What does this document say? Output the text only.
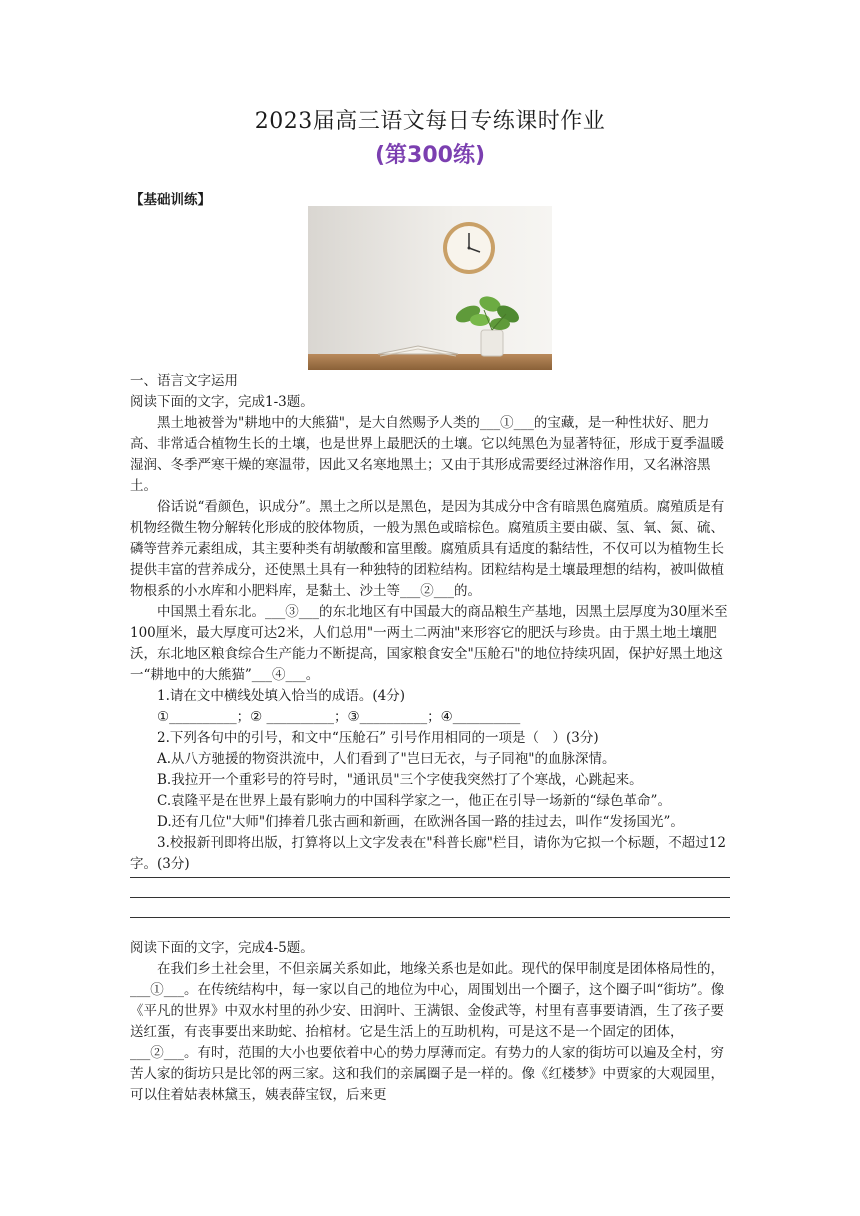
2023届高三语文每日专练课时作业
(第300练)
【基础训练】

一、语言文字运用

阅读下面的文字，完成1-3题。

黑土地被誉为"耕地中的大熊猫"，是大自然赐予人类的___①___的宝藏，是一种性状好、肥力高、非常适合植物生长的土壤，也是世界上最肥沃的土壤。它以纯黑色为显著特征，形成于夏季温暖湿润、冬季严寒干燥的寒温带，因此又名寒地黑土；又由于其形成需要经过淋溶作用，又名淋溶黑土。

俗话说“看颜色，识成分”。黑土之所以是黑色，是因为其成分中含有暗黑色腐殖质。腐殖质是有机物经微生物分解转化形成的胶体物质，一般为黑色或暗棕色。腐殖质主要由碳、氢、氧、氮、硫、磷等营养元素组成，其主要种类有胡敏酸和富里酸。腐殖质具有适度的黏结性，不仅可以为植物生长提供丰富的营养成分，还使黑土具有一种独特的团粒结构。团粒结构是土壤最理想的结构，被叫做植物根系的小水库和小肥料库，是黏土、沙土等___②___的。

中国黑土看东北。___③___的东北地区有中国最大的商品粮生产基地，因黑土层厚度为30厘米至100厘米，最大厚度可达2米，人们总用"一两土二两油"来形容它的肥沃与珍贵。由于黑土地土壤肥沃，东北地区粮食综合生产能力不断提高，国家粮食安全"压舱石"的地位持续巩固，保护好黑土地这一“耕地中的大熊猫”___④___。

1.请在文中横线处填入恰当的成语。(4分)

①__________；② __________；③__________；④__________

2.下列各句中的引号，和文中“压舱石” 引号作用相同的一项是（　）(3分)

A.从八方驰援的物资洪流中，人们看到了"岂曰无衣，与子同袍"的血脉深情。

B.我拉开一个重彩号的符号时，"通讯员"三个字使我突然打了个寒战，心跳起来。

C.袁隆平是在世界上最有影响力的中国科学家之一，他正在引导一场新的“绿色革命”。

D.还有几位"大师"们捧着几张古画和新画，在欧洲各国一路的挂过去，叫作“发扬国光”。

3.校报新刊即将出版，打算将以上文字发表在"科普长廊"栏目，请你为它拟一个标题，不超过12字。(3分)

阅读下面的文字，完成4-5题。

在我们乡土社会里，不但亲属关系如此，地缘关系也是如此。现代的保甲制度是团体格局性的，___①___。在传统结构中，每一家以自己的地位为中心，周围划出一个圈子，这个圈子叫“街坊”。像《平凡的世界》中双水村里的孙少安、田润叶、王满银、金俊武等，村里有喜事要请酒，生了孩子要送红蛋，有丧事要出来助蛇、抬棺材。它是生活上的互助机构，可是这不是一个固定的团体，___②___。有时，范围的大小也要依着中心的势力厚薄而定。有势力的人家的街坊可以遍及全村，穷苦人家的街坊只是比邻的两三家。这和我们的亲属圈子是一样的。像《红楼梦》中贾家的大观园里，可以住着姑表林黛玉，姨表薛宝钗，后来更
